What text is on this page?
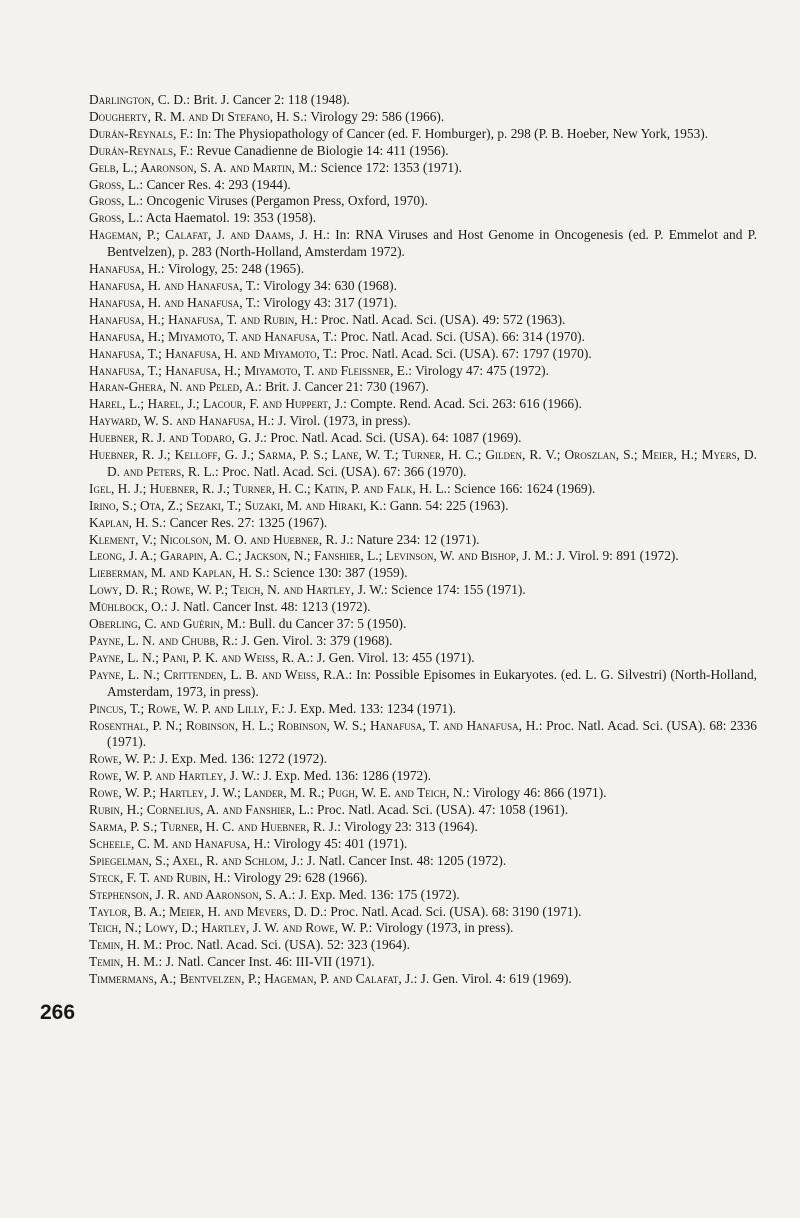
266
Darlington, C. D.: Brit. J. Cancer 2: 118 (1948).
Dougherty, R. M. and Di Stefano, H. S.: Virology 29: 586 (1966).
Durán-Reynals, F.: In: The Physiopathology of Cancer (ed. F. Homburger), p. 298 (P. B. Hoeber, New York, 1953).
Durán-Reynals, F.: Revue Canadienne de Biologie 14: 411 (1956).
Gelb, L.; Aaronson, S. A. and Martin, M.: Science 172: 1353 (1971).
Gross, L.: Cancer Res. 4: 293 (1944).
Gross, L.: Oncogenic Viruses (Pergamon Press, Oxford, 1970).
Gross, L.: Acta Haematol. 19: 353 (1958).
Hageman, P.; Calafat, J. and Daams, J. H.: In: RNA Viruses and Host Genome in Oncogenesis (ed. P. Emmelot and P. Bentvelzen), p. 283 (North-Holland, Amsterdam 1972).
Hanafusa, H.: Virology, 25: 248 (1965).
Hanafusa, H. and Hanafusa, T.: Virology 34: 630 (1968).
Hanafusa, H. and Hanafusa, T.: Virology 43: 317 (1971).
Hanafusa, H.; Hanafusa, T. and Rubin, H.: Proc. Natl. Acad. Sci. (USA). 49: 572 (1963).
Hanafusa, H.; Miyamoto, T. and Hanafusa, T.: Proc. Natl. Acad. Sci. (USA). 66: 314 (1970).
Hanafusa, T.; Hanafusa, H. and Miyamoto, T.: Proc. Natl. Acad. Sci. (USA). 67: 1797 (1970).
Hanafusa, T.; Hanafusa, H.; Miyamoto, T. and Fleissner, E.: Virology 47: 475 (1972).
Haran-Ghera, N. and Peled, A.: Brit. J. Cancer 21: 730 (1967).
Harel, L.; Harel, J.; Lacour, F. and Huppert, J.: Compte. Rend. Acad. Sci. 263: 616 (1966).
Hayward, W. S. and Hanafusa, H.: J. Virol. (1973, in press).
Huebner, R. J. and Todaro, G. J.: Proc. Natl. Acad. Sci. (USA). 64: 1087 (1969).
Huebner, R. J.; Kelloff, G. J.; Sarma, P. S.; Lane, W. T.; Turner, H. C.; Gilden, R. V.; Oroszlan, S.; Meier, H.; Myers, D. D. and Peters, R. L.: Proc. Natl. Acad. Sci. (USA). 67: 366 (1970).
Igel, H. J.; Huebner, R. J.; Turner, H. C.; Katin, P. and Falk, H. L.: Science 166: 1624 (1969).
Irino, S.; Ota, Z.; Sezaki, T.; Suzaki, M. and Hiraki, K.: Gann. 54: 225 (1963).
Kaplan, H. S.: Cancer Res. 27: 1325 (1967).
Klement, V.; Nicolson, M. O. and Huebner, R. J.: Nature 234: 12 (1971).
Leong, J. A.; Garapin, A. C.; Jackson, N.; Fanshier, L.; Levinson, W. and Bishop, J. M.: J. Virol. 9: 891 (1972).
Lieberman, M. and Kaplan, H. S.: Science 130: 387 (1959).
Lowy, D. R.; Rowe, W. P.; Teich, N. and Hartley, J. W.: Science 174: 155 (1971).
Mühlbock, O.: J. Natl. Cancer Inst. 48: 1213 (1972).
Oberling, C. and Guérin, M.: Bull. du Cancer 37: 5 (1950).
Payne, L. N. and Chubb, R.: J. Gen. Virol. 3: 379 (1968).
Payne, L. N.; Pani, P. K. and Weiss, R. A.: J. Gen. Virol. 13: 455 (1971).
Payne, L. N.; Crittenden, L. B. and Weiss, R.A.: In: Possible Episomes in Eukaryotes. (ed. L. G. Silvestri) (North-Holland, Amsterdam, 1973, in press).
Pincus, T.; Rowe, W. P. and Lilly, F.: J. Exp. Med. 133: 1234 (1971).
Rosenthal, P. N.; Robinson, H. L.; Robinson, W. S.; Hanafusa, T. and Hanafusa, H.: Proc. Natl. Acad. Sci. (USA). 68: 2336 (1971).
Rowe, W. P.: J. Exp. Med. 136: 1272 (1972).
Rowe, W. P. and Hartley, J. W.: J. Exp. Med. 136: 1286 (1972).
Rowe, W. P.; Hartley, J. W.; Lander, M. R.; Pugh, W. E. and Teich, N.: Virology 46: 866 (1971).
Rubin, H.; Cornelius, A. and Fanshier, L.: Proc. Natl. Acad. Sci. (USA). 47: 1058 (1961).
Sarma, P. S.; Turner, H. C. and Huebner, R. J.: Virology 23: 313 (1964).
Scheele, C. M. and Hanafusa, H.: Virology 45: 401 (1971).
Spiegelman, S.; Axel, R. and Schlom, J.: J. Natl. Cancer Inst. 48: 1205 (1972).
Steck, F. T. and Rubin, H.: Virology 29: 628 (1966).
Stephenson, J. R. and Aaronson, S. A.: J. Exp. Med. 136: 175 (1972).
Taylor, B. A.; Meier, H. and Mevers, D. D.: Proc. Natl. Acad. Sci. (USA). 68: 3190 (1971).
Teich, N.; Lowy, D.; Hartley, J. W. and Rowe, W. P.: Virology (1973, in press).
Temin, H. M.: Proc. Natl. Acad. Sci. (USA). 52: 323 (1964).
Temin, H. M.: J. Natl. Cancer Inst. 46: III-VII (1971).
Timmermans, A.; Bentvelzen, P.; Hageman, P. and Calafat, J.: J. Gen. Virol. 4: 619 (1969).
